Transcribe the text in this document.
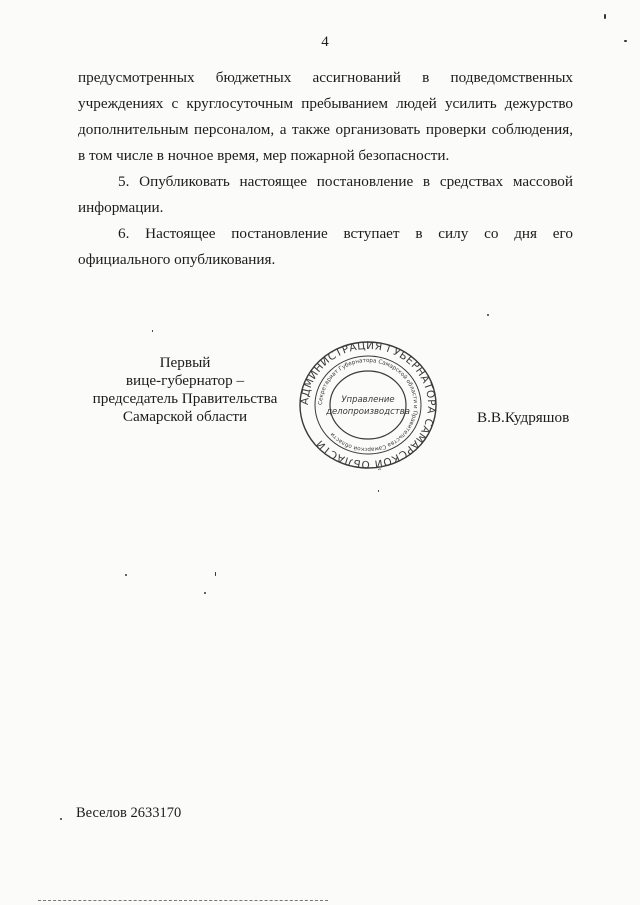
4

предусмотренных бюджетных ассигнований в подведомственных

учреждениях с круглосуточным пребыванием людей усилить дежурство дополнительным персоналом, а также организовать проверки соблюдения, в том числе в ночное время, мер пожарной безопасности.

5. Опубликовать настоящее постановление в средствах массовой информации.

6. Настоящее постановление вступает в силу со дня его официального опубликования.

Первый
вице-губернатор –
председатель Правительства
Самарской области
АДМИНИСТРАЦИЯ ГУБЕРНАТОРА САМАРСКОЙ ОБЛАСТИ
Секретариат Губернатора Самарской области и Правительства Самарской области
Управление
делопроизводства	В.В.Кудряшов
Веселов 2633170
